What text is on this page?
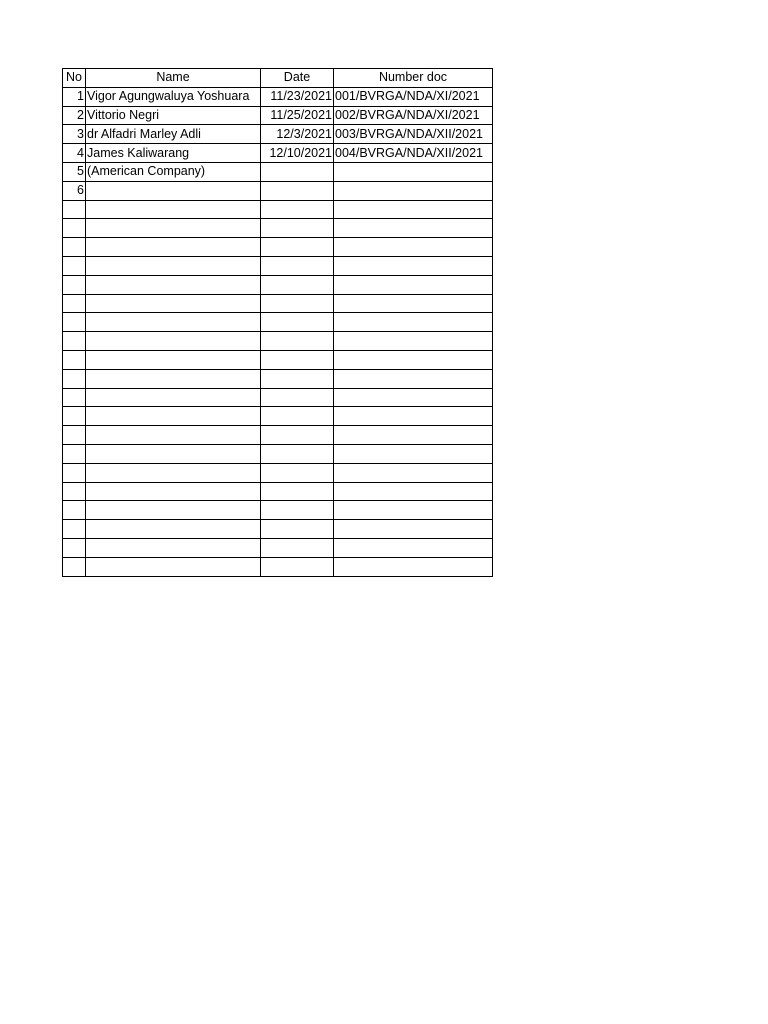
No	Name	Date	Number doc
1	Vigor Agungwaluya Yoshuara	11/23/2021	001/BVRGA/NDA/XI/2021
2	Vittorio Negri	11/25/2021	002/BVRGA/NDA/XI/2021
3	dr Alfadri Marley Adli	12/3/2021	003/BVRGA/NDA/XII/2021
4	James Kaliwarang	12/10/2021	004/BVRGA/NDA/XII/2021
5	(American Company)		
6			
